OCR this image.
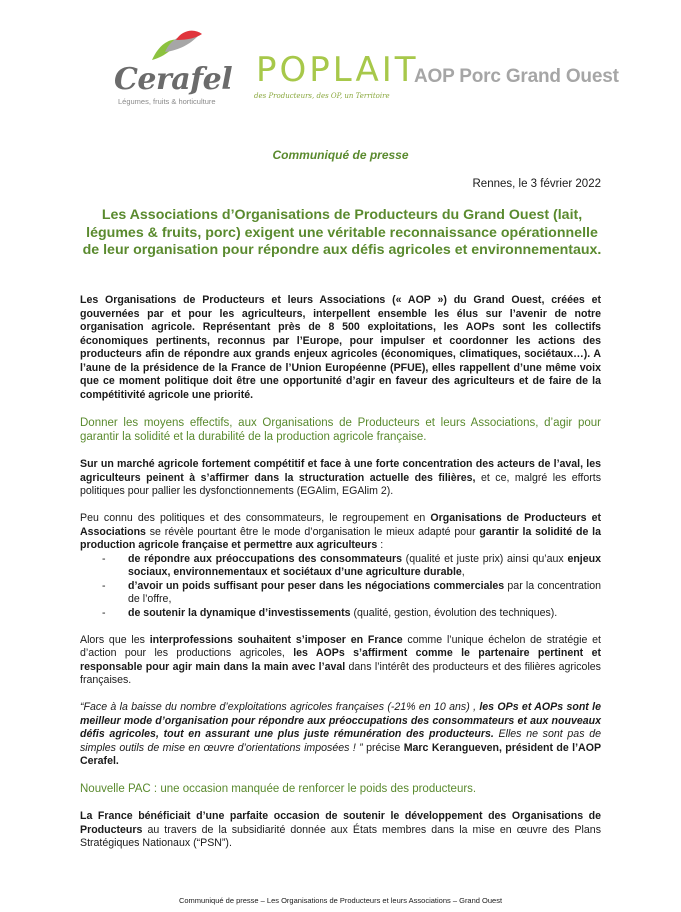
Cerafel
Légumes, fruits & horticulture
POPLAIT
des Producteurs, des OP, un Territoire
AOP Porc Grand Ouest
Communiqué de presse
Rennes, le 3 février 2022
Les Associations d’Organisations de Producteurs du Grand Ouest (lait, légumes & fruits, porc) exigent une véritable reconnaissance opérationnelle de leur organisation pour répondre aux défis agricoles et environnementaux.

Les Organisations de Producteurs et leurs Associations (« AOP ») du Grand Ouest, créées et gouvernées par et pour les agriculteurs, interpellent ensemble les élus sur l’avenir de notre organisation agricole. Représentant près de 8 500 exploitations, les AOPs sont les collectifs économiques pertinents, reconnus par l’Europe, pour impulser et coordonner les actions des producteurs afin de répondre aux grands enjeux agricoles (économiques, climatiques, sociétaux…). A l’aune de la présidence de la France de l’Union Européenne (PFUE), elles rappellent d’une même voix que ce moment politique doit être une opportunité d’agir en faveur des agriculteurs et de faire de la compétitivité agricole une priorité.

Donner les moyens effectifs, aux Organisations de Producteurs et leurs Associations, d’agir pour garantir la solidité et la durabilité de la production agricole française.

Sur un marché agricole fortement compétitif et face à une forte concentration des acteurs de l’aval, les agriculteurs peinent à s’affirmer dans la structuration actuelle des filières, et ce, malgré les efforts politiques pour pallier les dysfonctionnements (EGAlim, EGAlim 2).

Peu connu des politiques et des consommateurs, le regroupement en Organisations de Producteurs et Associations se révèle pourtant être le mode d’organisation le mieux adapté pour garantir la solidité de la production agricole française et permettre aux agriculteurs :

- de répondre aux préoccupations des consommateurs (qualité et juste prix) ainsi qu’aux enjeux sociaux, environnementaux et sociétaux d’une agriculture durable,
- d’avoir un poids suffisant pour peser dans les négociations commerciales par la concentration de l’offre,
- de soutenir la dynamique d’investissements (qualité, gestion, évolution des techniques).

Alors que les interprofessions souhaitent s’imposer en France comme l’unique échelon de stratégie et d’action pour les productions agricoles, les AOPs s’affirment comme le partenaire pertinent et responsable pour agir main dans la main avec l’aval dans l’intérêt des producteurs et des filières agricoles françaises.

“Face à la baisse du nombre d’exploitations agricoles françaises (-21% en 10 ans) , les OPs et AOPs sont le meilleur mode d’organisation pour répondre aux préoccupations des consommateurs et aux nouveaux défis agricoles, tout en assurant une plus juste rémunération des producteurs. Elles ne sont pas de simples outils de mise en œuvre d’orientations imposées ! ” précise Marc Kerangueven, président de l’AOP Cerafel.

Nouvelle PAC : une occasion manquée de renforcer le poids des producteurs.

La France bénéficiait d’une parfaite occasion de soutenir le développement des Organisations de Producteurs au travers de la subsidiarité donnée aux États membres dans la mise en œuvre des Plans Stratégiques Nationaux (“PSN”).

Communiqué de presse – Les Organisations de Producteurs et leurs Associations – Grand Ouest
